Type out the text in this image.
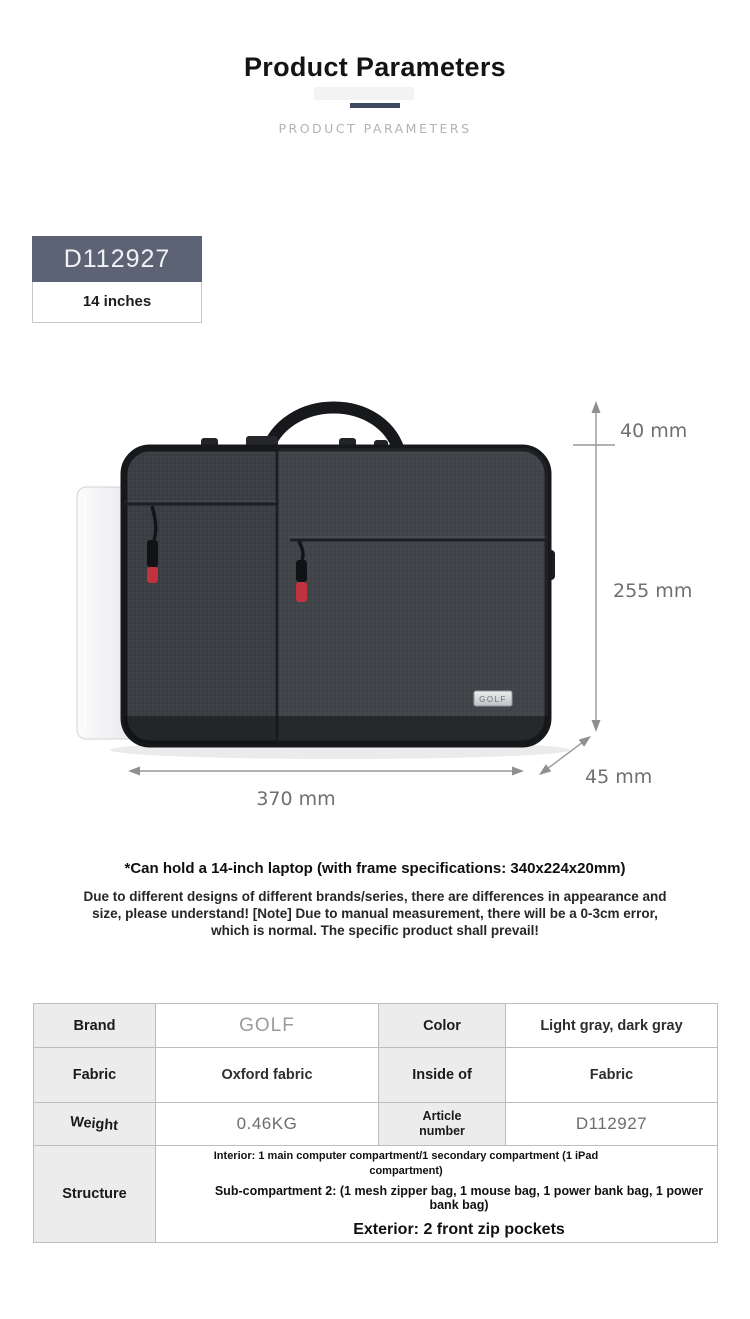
Product Parameters
PRODUCT PARAMETERS
D112927
14 inches
GOLF
40 mm
255 mm
370 mm
45 mm

*Can hold a 14-inch laptop (with frame specifications: 340x224x20mm)

Due to different designs of different brands/series, there are differences in appearance and size, please understand! [Note] Due to manual measurement, there will be a 0-3cm error, which is normal. The specific product shall prevail!

Brand	GOLF	Color	Light gray, dark gray
Fabric	Oxford fabric	Inside of	Fabric
Weight	0.46KG	Article number	D112927
Structure	Interior: 1 main computer compartment/1 secondary compartment (1 iPad compartment)
Sub-compartment 2: (1 mesh zipper bag, 1 mouse bag, 1 power bank bag, 1 power bank bag)
Exterior: 2 front zip pockets		
